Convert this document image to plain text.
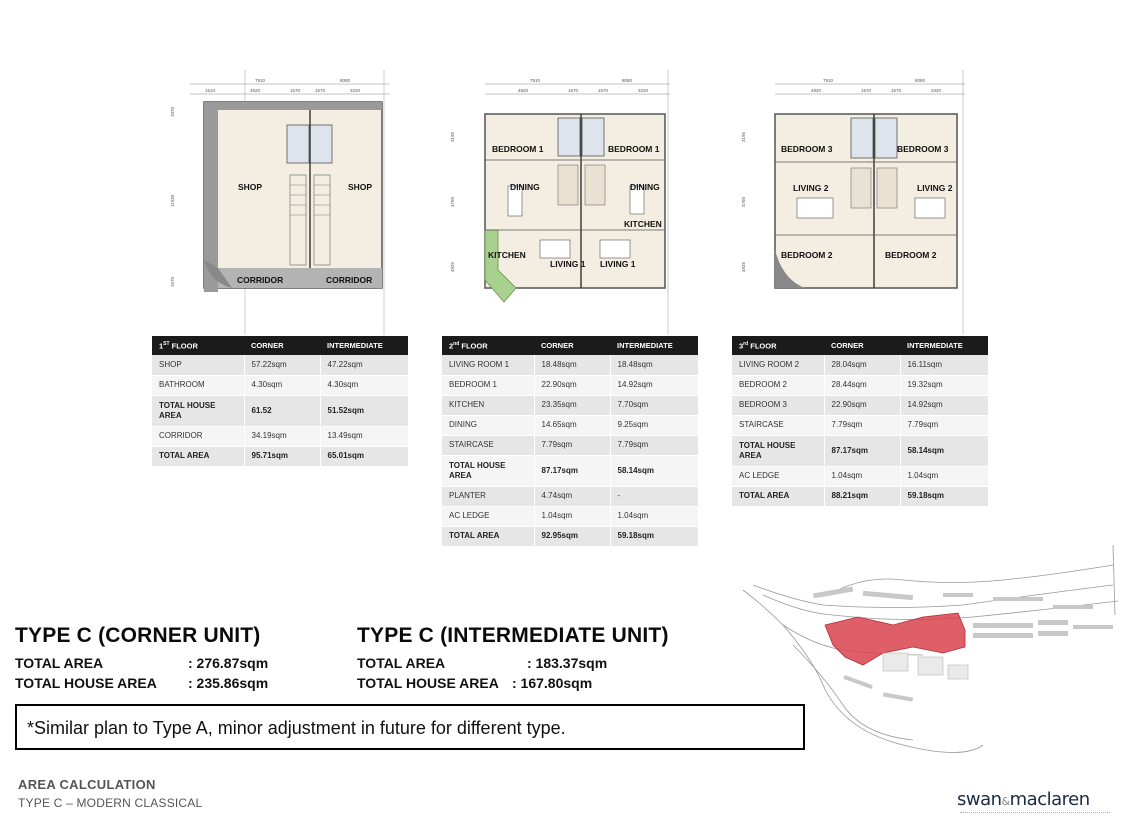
7910	8080
1510	4820	1570	1570	3320
1070
11930
1570
SHOP	SHOP
CORRIDOR	CORRIDOR
7910	8080
4820	1570	1570	3320
3195
4750
4925
BEDROOM 1	BEDROOM 1
DINING	DINING
KITCHEN
KITCHEN
LIVING 1 LIVING 1
7910	8080
4820	1570	1570	3320
3195
4750
4925
BEDROOM 3	BEDROOM 3
LIVING 2	LIVING 2
BEDROOM 2	BEDROOM 2
1ST FLOOR	CORNER	INTERMEDIATE
SHOP	57.22sqm	47.22sqm
BATHROOM	4.30sqm	4.30sqm
TOTAL HOUSE AREA	61.52	51.52sqm
CORRIDOR	34.19sqm	13.49sqm
TOTAL AREA	95.71sqm	65.01sqm
2nd FLOOR	CORNER	INTERMEDIATE
LIVING ROOM 1	18.48sqm	18.48sqm
BEDROOM 1	22.90sqm	14.92sqm
KITCHEN	23.35sqm	7.70sqm
DINING	14.65sqm	9.25sqm
STAIRCASE	7.79sqm	7.79sqm
TOTAL HOUSE AREA	87.17sqm	58.14sqm
PLANTER	4.74sqm	-
AC LEDGE	1.04sqm	1.04sqm
TOTAL AREA	92.95sqm	59.18sqm
3rd FLOOR	CORNER	INTERMEDIATE
LIVING ROOM 2	28.04sqm	16.11sqm
BEDROOM 2	28.44sqm	19.32sqm
BEDROOM 3	22.90sqm	14.92sqm
STAIRCASE	7.79sqm	7.79sqm
TOTAL HOUSE AREA	87.17sqm	58.14sqm
AC LEDGE	1.04sqm	1.04sqm
TOTAL AREA	88.21sqm	59.18sqm
TYPE C (CORNER UNIT)
TOTAL AREA	: 276.87sqm
TOTAL HOUSE AREA : 235.86sqm
TYPE C (INTERMEDIATE UNIT)
TOTAL AREA	: 183.37sqm
TOTAL HOUSE AREA : 167.80sqm
*Similar plan to Type A, minor adjustment in future for different type.
AREA CALCULATION
TYPE C – MODERN CLASSICAL	swan&maclaren
